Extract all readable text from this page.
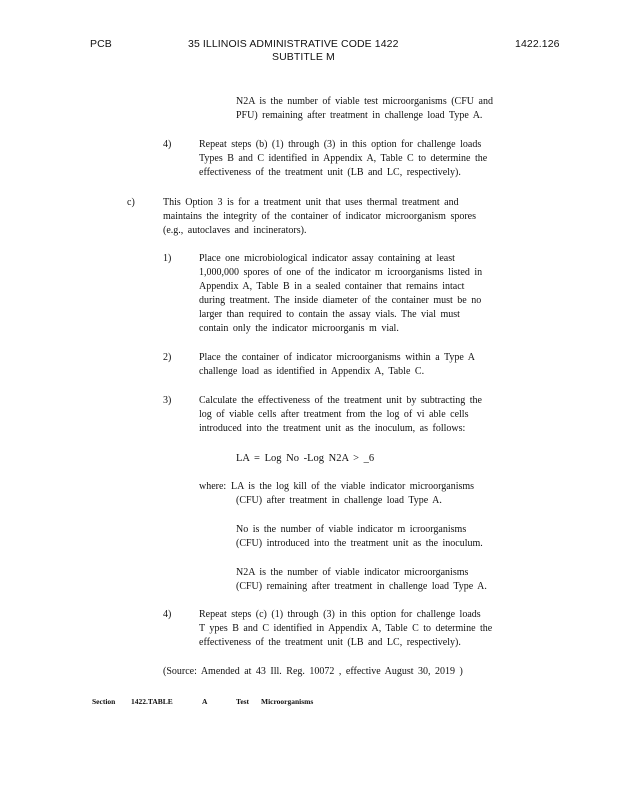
PCB	35 ILLINOIS ADMINISTRATIVE CODE 1422
SUBTITLE M
1422.126
N2A is the number of viable test microorganisms (CFU and
PFU) remaining after treatment in challenge load Type A.
4)	Repeat steps (b) (1) through (3) in this option for challenge loads
Types B and C identified in Appendix A, Table C to determine the
effectiveness of the treatment unit (LB and LC, respectively).
c)	This Option 3 is for a treatment unit that uses thermal treatment and
maintains the integrity of the container of indicator microorganism spores
(e.g., autoclaves and incinerators).
1)	Place one microbiological indicator assay containing at least
1,000,000 spores of one of the indicator m icroorganisms listed in
Appendix A, Table B in a sealed container that remains intact
during treatment. The inside diameter of the container must be no
larger than required to contain the assay vials. The vial must
contain only the indicator microorganis m vial.
2)	Place the container of indicator microorganisms within a Type A
challenge load as identified in Appendix A, Table C.
3)	Calculate the effectiveness of the treatment unit by subtracting the
log of viable cells after treatment from the log of vi able cells
introduced into the treatment unit as the inoculum, as follows:
LA = Log No -Log N2A > _6
where: LA is the log kill of the viable indicator microorganisms
(CFU) after treatment in challenge load Type A.
No is the number of viable indicator m icroorganisms
(CFU) introduced into the treatment unit as the inoculum.
N2A is the number of viable indicator microorganisms
(CFU) remaining after treatment in challenge load Type A.
4)	Repeat steps (c) (1) through (3) in this option for challenge loads
T ypes B and C identified in Appendix A, Table C to determine the
effectiveness of the treatment unit (LB and LC, respectively).
(Source: Amended at 43 Ill. Reg. 10072 , effective August 30, 2019 )
Section 1422.TABLE	A	Test Microorganisms
